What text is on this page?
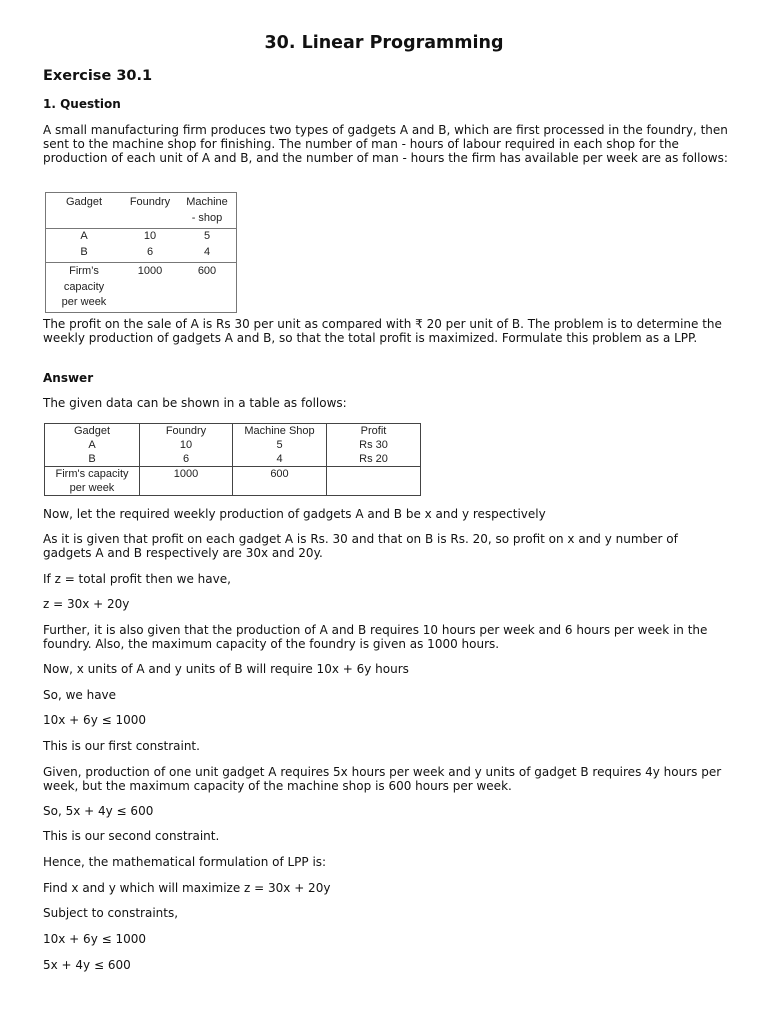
30. Linear Programming
Exercise 30.1

1. Question

A small manufacturing firm produces two types of gadgets A and B, which are first processed in the foundry, then sent to the machine shop for finishing. The number of man - hours of labour required in each shop for the production of each unit of A and B, and the number of man - hours the firm has available per week are as follows:

Gadget	Foundry	Machine
- shop
A	10	5
B	6	4
Firm’s
capacity
per week	1000	600

The profit on the sale of A is Rs 30 per unit as compared with ₹ 20 per unit of B. The problem is to determine the weekly production of gadgets A and B, so that the total profit is maximized. Formulate this problem as a LPP.

Answer

The given data can be shown in a table as follows:

Gadget	Foundry	Machine Shop	Profit
A	10	5	Rs 30
B	6	4	Rs 20
Firm's capacity
per week	1000	600	

Now, let the required weekly production of gadgets A and B be x and y respectively

As it is given that profit on each gadget A is Rs. 30 and that on B is Rs. 20, so profit on x and y number of gadgets A and B respectively are 30x and 20y.

If z = total profit then we have,

z = 30x + 20y

Further, it is also given that the production of A and B requires 10 hours per week and 6 hours per week in the foundry. Also, the maximum capacity of the foundry is given as 1000 hours.

Now, x units of A and y units of B will require 10x + 6y hours

So, we have

10x + 6y ≤ 1000

This is our first constraint.

Given, production of one unit gadget A requires 5x hours per week and y units of gadget B requires 4y hours per week, but the maximum capacity of the machine shop is 600 hours per week.

So, 5x + 4y ≤ 600

This is our second constraint.

Hence, the mathematical formulation of LPP is:

Find x and y which will maximize z = 30x + 20y

Subject to constraints,

10x + 6y ≤ 1000

5x + 4y ≤ 600
